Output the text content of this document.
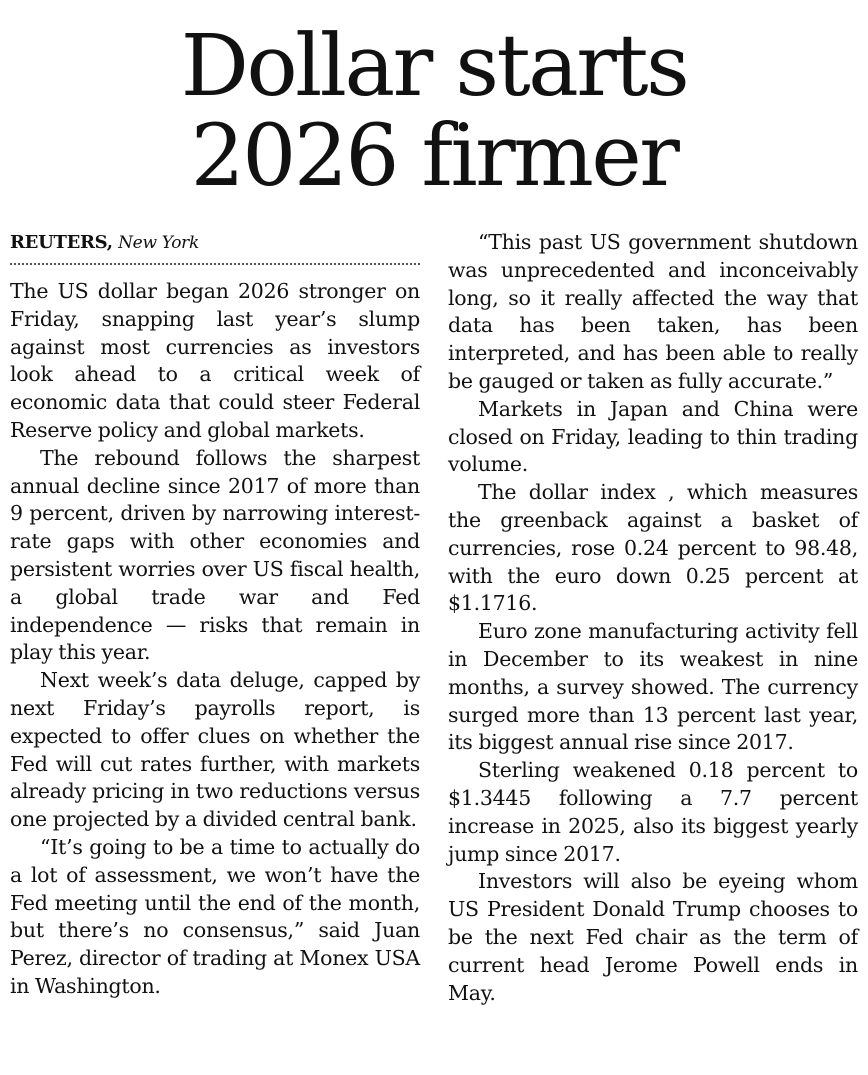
Dollar starts
2026 firmer

REUTERS, New York

The US dollar began 2026 stronger on Friday, snapping last year’s slump against most currencies as investors look ahead to a critical week of economic data that could steer Federal Reserve policy and global markets.

The rebound follows the sharpest annual decline since 2017 of more than 9 percent, driven by narrowing interest-rate gaps with other economies and persistent worries over US fiscal health, a global trade war and Fed independence — risks that remain in play this year.

Next week’s data deluge, capped by next Friday’s payrolls report, is expected to offer clues on whether the Fed will cut rates further, with markets already pricing in two reductions versus one projected by a divided central bank.

“It’s going to be a time to actually do a lot of assessment, we won’t have the Fed meeting until the end of the month, but there’s no consensus,” said Juan Perez, director of trading at Monex USA in Washington.

“This past US government shutdown was unprecedented and inconceivably long, so it really affected the way that data has been taken, has been interpreted, and has been able to really be gauged or taken as fully accurate.”

Markets in Japan and China were closed on Friday, leading to thin trading volume.

The dollar index , which measures the greenback against a basket of currencies, rose 0.24 percent to 98.48, with the euro down 0.25 percent at $1.1716.

Euro zone manufacturing activity fell in December to its weakest in nine months, a survey showed. The currency surged more than 13 percent last year, its biggest annual rise since 2017.

Sterling weakened 0.18 percent to $1.3445 following a 7.7 percent increase in 2025, also its biggest yearly jump since 2017.

Investors will also be eyeing whom US President Donald Trump chooses to be the next Fed chair as the term of current head Jerome Powell ends in May.
